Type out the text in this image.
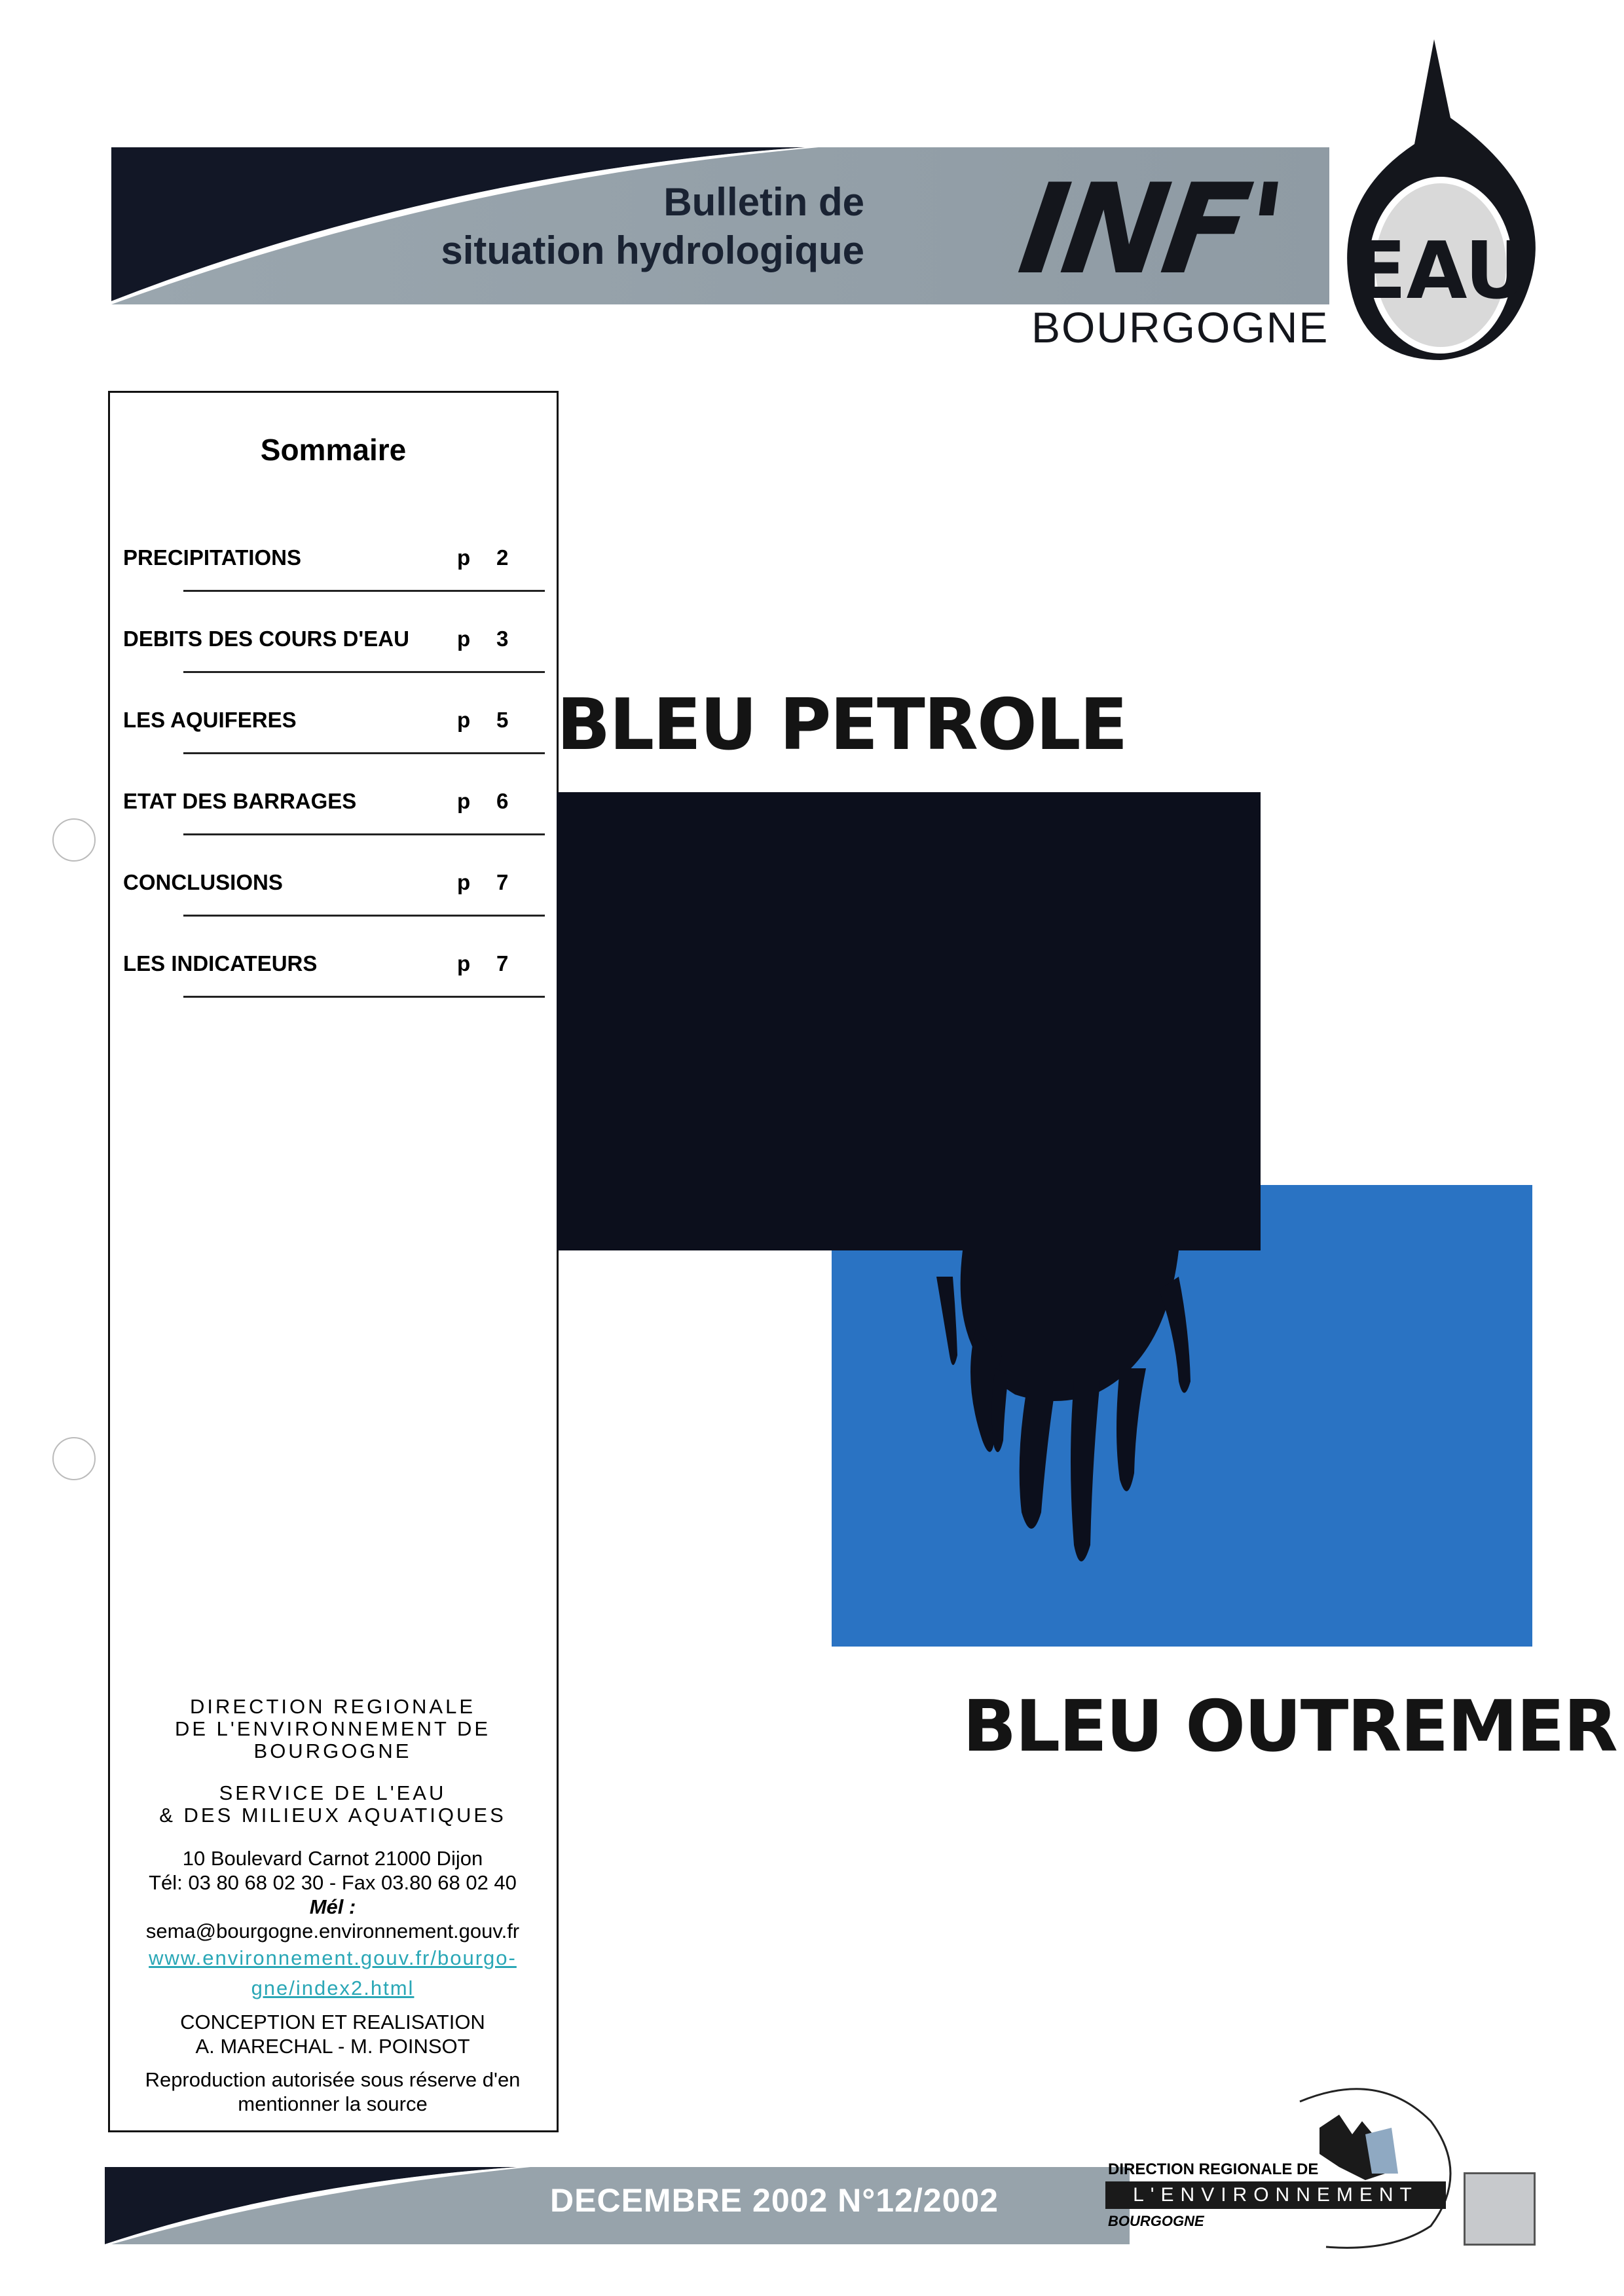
Bulletin de
situation hydrologique INF' EAU
BOURGOGNE
Sommaire
PRECIPITATIONS	p 2
DEBITS DES COURS D'EAU p 3
LES AQUIFERES	p 5
ETAT DES BARRAGES	p 6
CONCLUSIONS	p 7
LES INDICATEURS	p 7
DIRECTION REGIONALE
DE L'ENVIRONNEMENT DE
BOURGOGNE
SERVICE DE L'EAU
& DES MILIEUX AQUATIQUES
10 Boulevard Carnot 21000 Dijon
Tél: 03 80 68 02 30 - Fax 03.80 68 02 40
Mél :
sema@bourgogne.environnement.gouv.fr
www.environnement.gouv.fr/bourgo-
gne/index2.html
CONCEPTION ET REALISATION
A. MARECHAL - M. POINSOT
Reproduction autorisée sous réserve d'en
mentionner la source
BLEU PETROLE
BLEU OUTREMER
DECEMBRE 2002 N°12/2002
DIRECTION REGIONALE DE
L'ENVIRONNEMENT
BOURGOGNE
